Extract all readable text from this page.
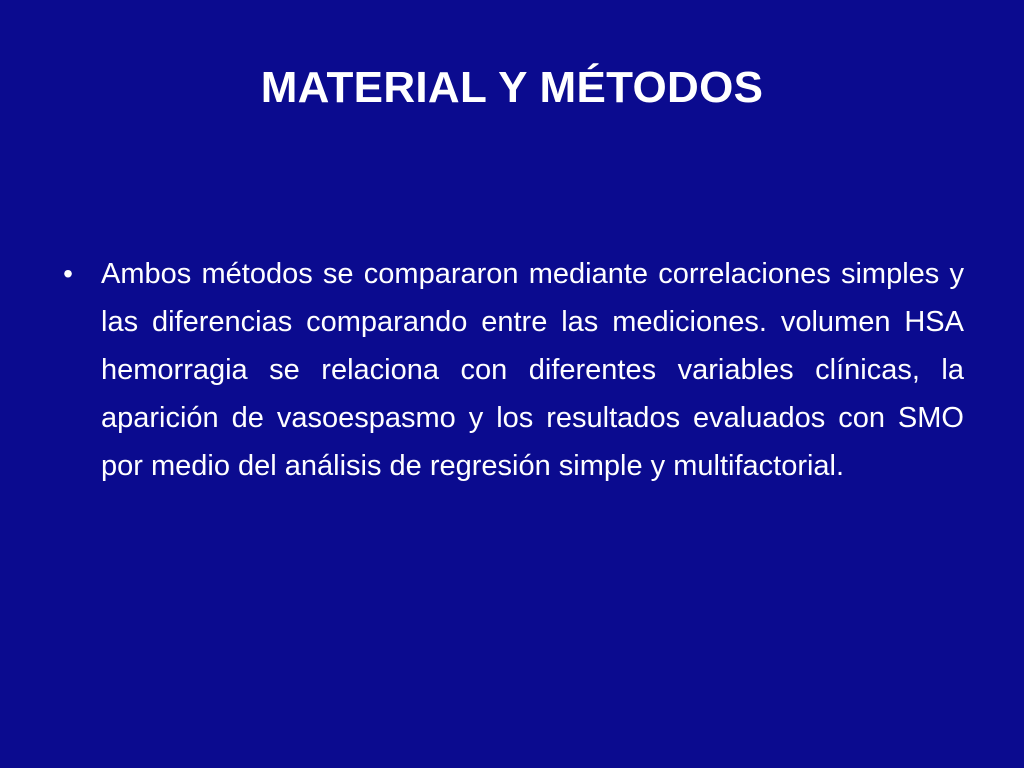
MATERIAL Y MÉTODOS
• Ambos métodos se compararon mediante correlaciones simples y las diferencias comparando entre las mediciones. volumen HSA hemorragia se relaciona con diferentes variables clínicas, la aparición de vasoespasmo y los resultados evaluados con SMO por medio del análisis de regresión simple y multifactorial.
